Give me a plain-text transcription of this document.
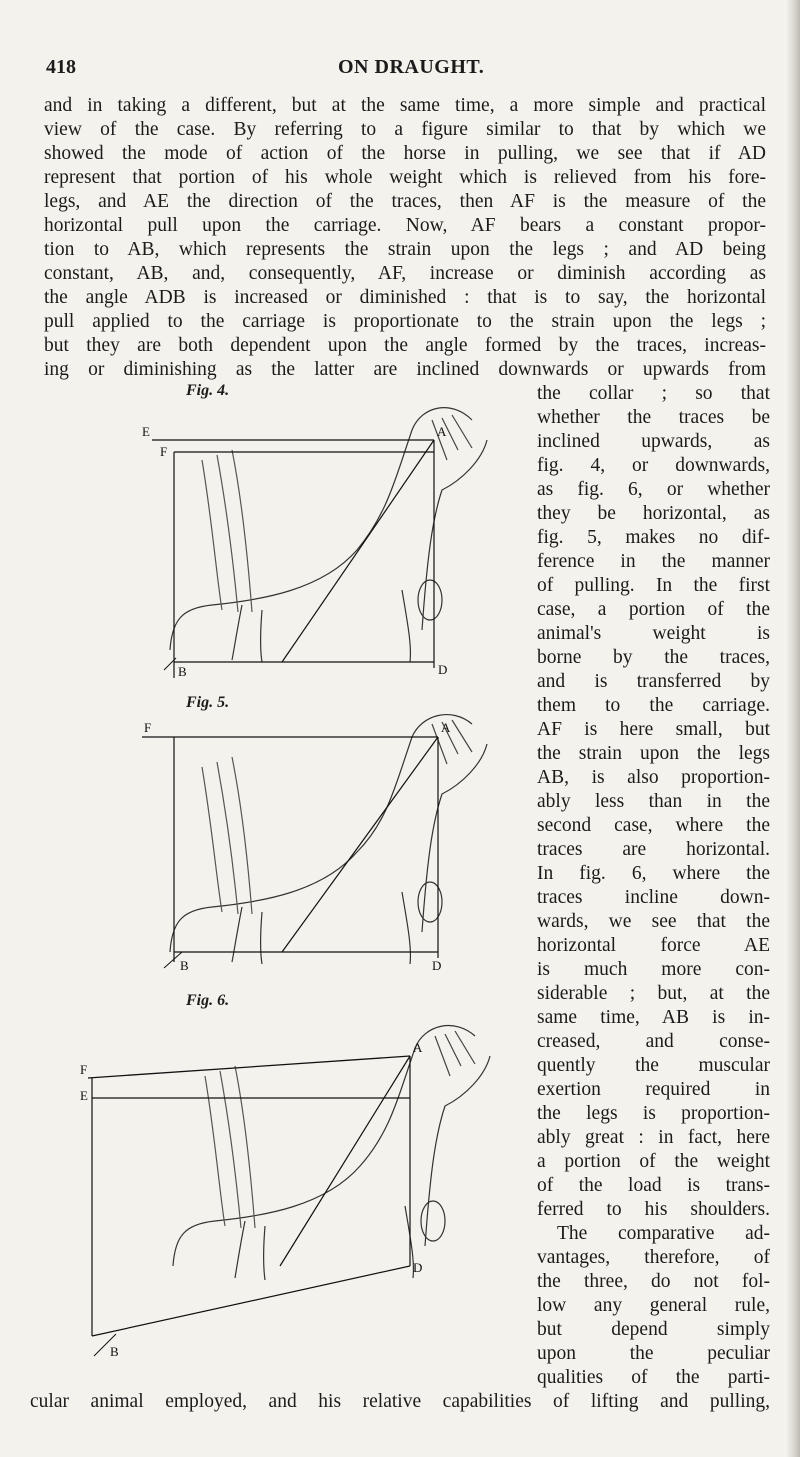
418	ON DRAUGHT.
and in taking a different, but at the same time, a more simple and practical
view of the case. By referring to a figure similar to that by which we
showed the mode of action of the horse in pulling, we see that if AD
represent that portion of his whole weight which is relieved from his fore-
legs, and AE the direction of the traces, then AF is the measure of the
horizontal pull upon the carriage. Now, AF bears a constant propor-
tion to AB, which represents the strain upon the legs ; and AD being
constant, AB, and, consequently, AF, increase or diminish according as
the angle ADB is increased or diminished : that is to say, the horizontal
pull applied to the carriage is proportionate to the strain upon the legs ;
but they are both dependent upon the angle formed by the traces, increas-
ing or diminishing as the latter are inclined downwards or upwards from
the collar ; so that
whether the traces be
inclined upwards, as
fig. 4, or downwards,
as fig. 6, or whether
they be horizontal, as
fig. 5, makes no dif-
ference in the manner
of pulling. In the first
case, a portion of the
animal's weight is
borne by the traces,
and is transferred by
them to the carriage.
AF is here small, but
the strain upon the legs
AB, is also proportion-
ably less than in the
second case, where the
traces are horizontal.
In fig. 6, where the
traces incline down-
wards, we see that the
horizontal force AE
is much more con-
siderable ; but, at the
same time, AB is in-
creased, and conse-
quently the muscular
exertion required in
the legs is proportion-
ably great : in fact, here
a portion of the weight
of the load is trans-
ferred to his shoulders.
The comparative ad-
vantages, therefore, of
the three, do not fol-
low any general rule,
but depend simply
upon the peculiar
qualities of the parti-
cular animal employed, and his relative capabilities of lifting and pulling,
Fig. 4.
E
F
A
B	D
Fig. 5.
F	A
B	D
Fig. 6.
F
E
A
B
D
